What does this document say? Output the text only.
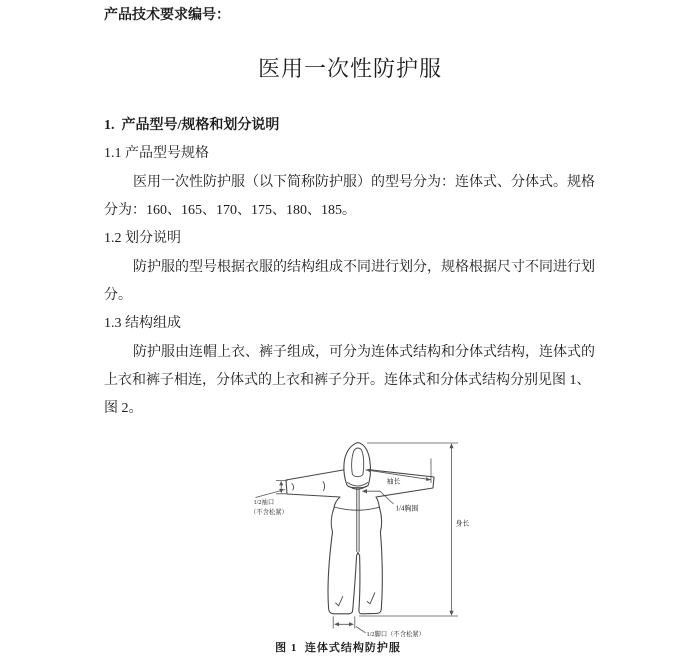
产品技术要求编号：
医用一次性防护服
1.  产品型号/规格和划分说明
1.1 产品型号规格
医用一次性防护服（以下简称防护服）的型号分为：连体式、分体式。规格
分为：160、165、170、175、180、185。
1.2 划分说明
防护服的型号根据衣服的结构组成不同进行划分，规格根据尺寸不同进行划
分。
1.3 结构组成
防护服由连帽上衣、裤子组成，可分为连体式结构和分体式结构，连体式的
上衣和裤子相连，分体式的上衣和裤子分开。连体式和分体式结构分别见图 1、
图 2。
身长
袖长
1/4胸围
1/2袖口
（不含松紧）
1/2脚口（不含松紧）
图 1  连体式结构防护服
